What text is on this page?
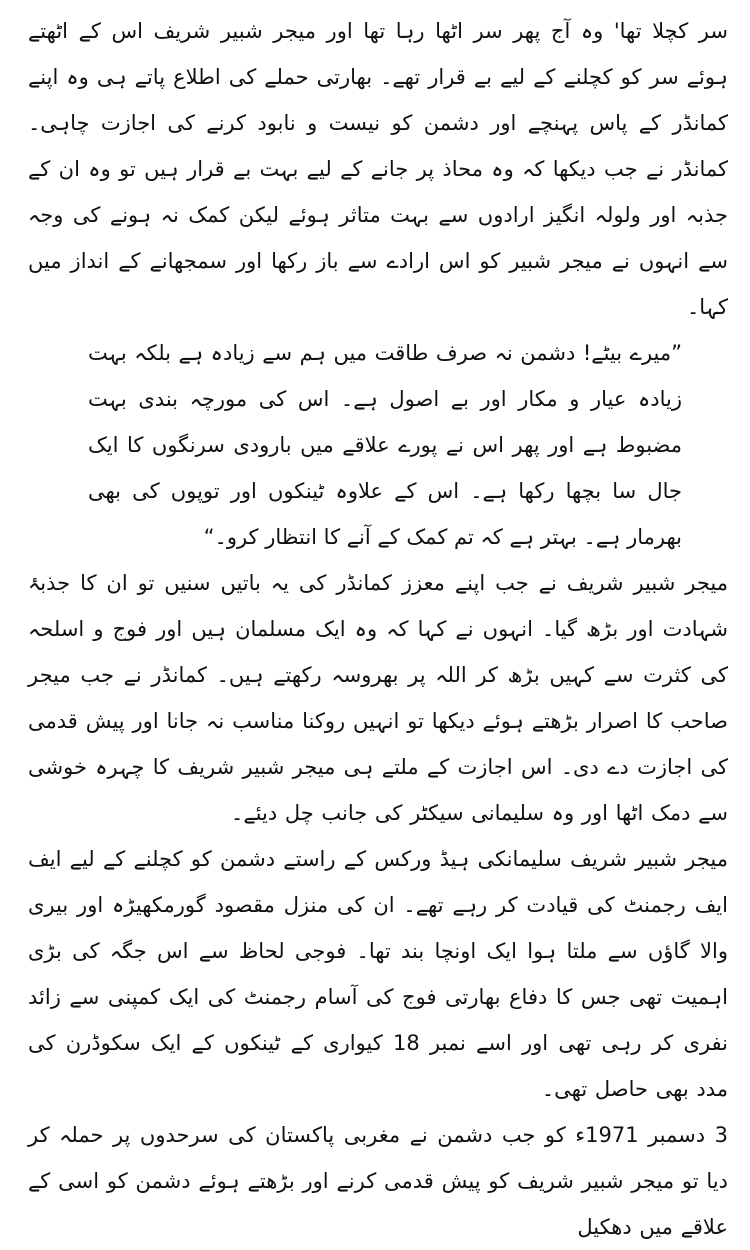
سر کچلا تھا' وہ آج پھر سر اٹھا رہا تھا اور میجر شبیر شریف اس کے اٹھتے ہوئے سر کو کچلنے کے لیے بے قرار تھے۔ بھارتی حملے کی اطلاع پاتے ہی وہ اپنے کمانڈر کے پاس پہنچے اور دشمن کو نیست و نابود کرنے کی اجازت چاہی۔ کمانڈر نے جب دیکھا کہ وہ محاذ پر جانے کے لیے بہت بے قرار ہیں تو وہ ان کے جذبہ اور ولولہ انگیز ارادوں سے بہت متاثر ہوئے لیکن کمک نہ ہونے کی وجہ سے انہوں نے میجر شبیر کو اس ارادے سے باز رکھا اور سمجھانے کے انداز میں کہا۔

”میرے بیٹے! دشمن نہ صرف طاقت میں ہم سے زیادہ ہے بلکہ بہت زیادہ عیار و مکار اور بے اصول ہے۔ اس کی مورچہ بندی بہت مضبوط ہے اور پھر اس نے پورے علاقے میں بارودی سرنگوں کا ایک جال سا بچھا رکھا ہے۔ اس کے علاوہ ٹینکوں اور توپوں کی بھی بھرمار ہے۔ بہتر ہے کہ تم کمک کے آنے کا انتظار کرو۔“

میجر شبیر شریف نے جب اپنے معزز کمانڈر کی یہ باتیں سنیں تو ان کا جذبۂ شہادت اور بڑھ گیا۔ انہوں نے کہا کہ وہ ایک مسلمان ہیں اور فوج و اسلحہ کی کثرت سے کہیں بڑھ کر اللہ پر بھروسہ رکھتے ہیں۔ کمانڈر نے جب میجر صاحب کا اصرار بڑھتے ہوئے دیکھا تو انہیں روکنا مناسب نہ جانا اور پیش قدمی کی اجازت دے دی۔ اس اجازت کے ملتے ہی میجر شبیر شریف کا چہرہ خوشی سے دمک اٹھا اور وہ سلیمانی سیکٹر کی جانب چل دیئے۔

میجر شبیر شریف سلیمانکی ہیڈ ورکس کے راستے دشمن کو کچلنے کے لیے ایف ایف رجمنٹ کی قیادت کر رہے تھے۔ ان کی منزل مقصود گورمکھیڑہ اور بیری والا گاؤں سے ملتا ہوا ایک اونچا بند تھا۔ فوجی لحاظ سے اس جگہ کی بڑی اہمیت تھی جس کا دفاع بھارتی فوج کی آسام رجمنٹ کی ایک کمپنی سے زائد نفری کر رہی تھی اور اسے نمبر 18 کیواری کے ٹینکوں کے ایک سکوڈرن کی مدد بھی حاصل تھی۔

3 دسمبر 1971ء کو جب دشمن نے مغربی پاکستان کی سرحدوں پر حملہ کر دیا تو میجر شبیر شریف کو پیش قدمی کرنے اور بڑھتے ہوئے دشمن کو اسی کے علاقے میں دھکیل
